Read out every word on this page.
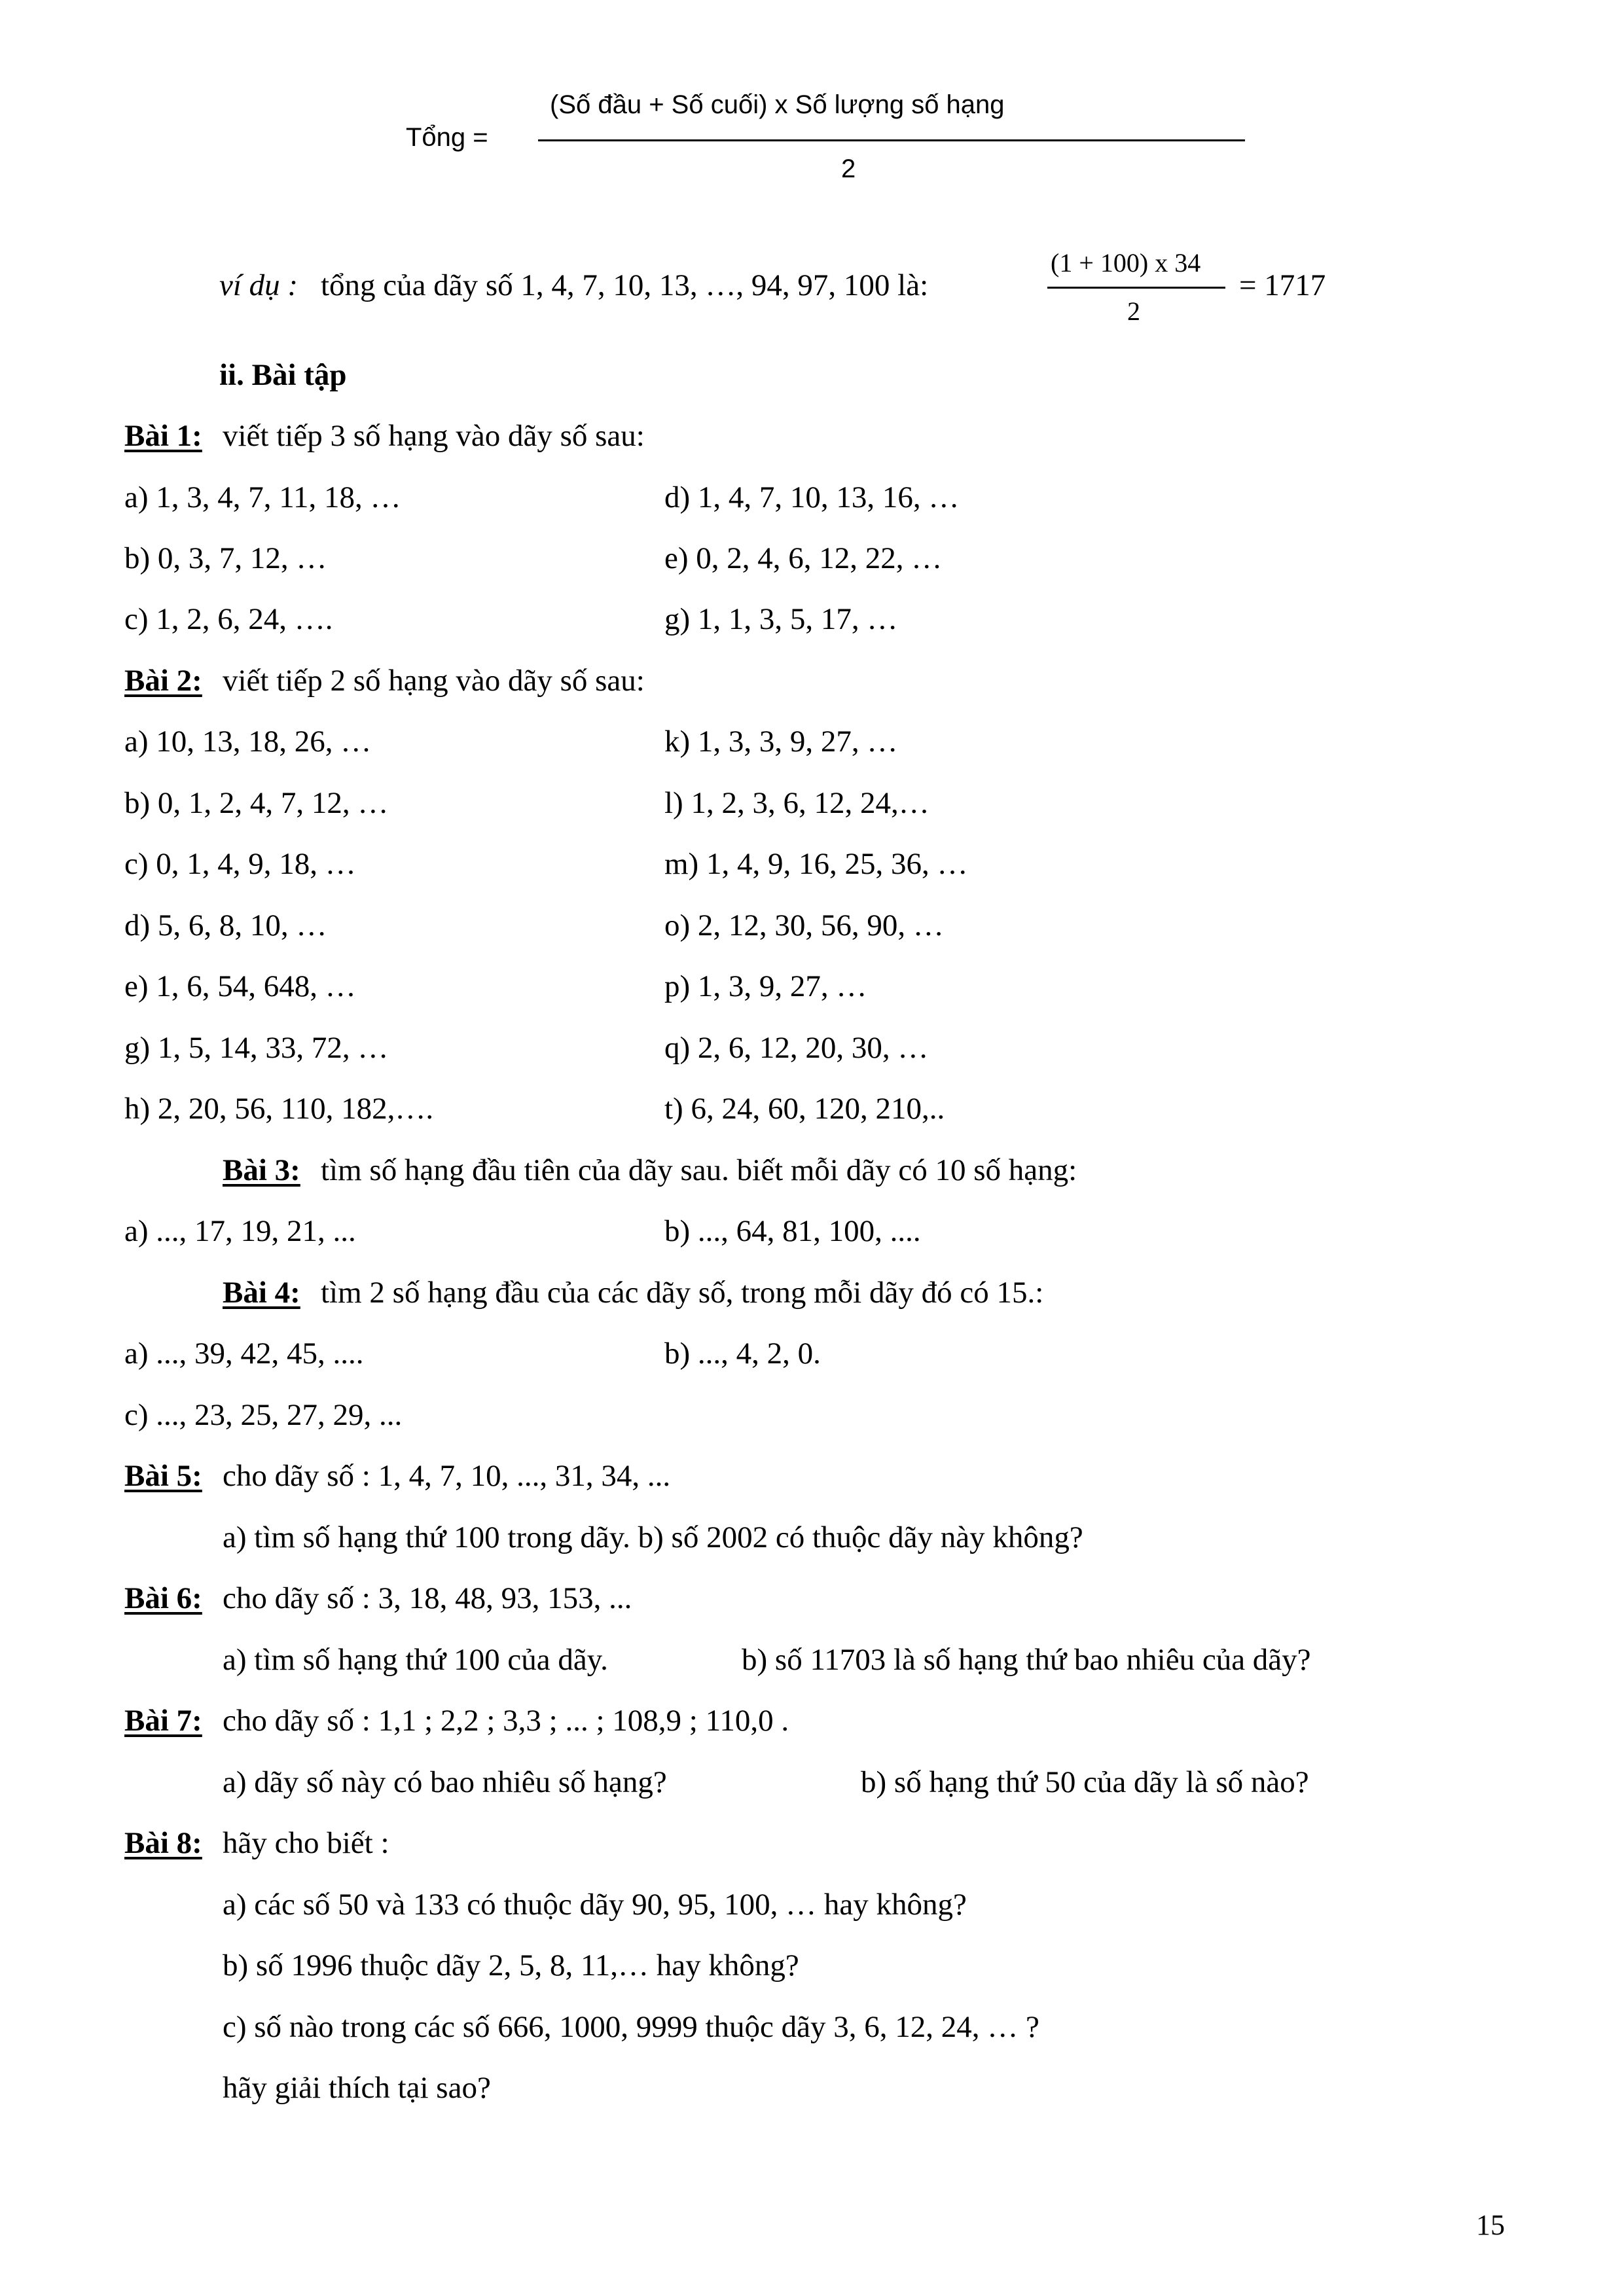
Tổng =
(Số đầu + Số cuối) x Số lượng số hạng
2
ví dụ : tổng của dãy số 1, 4, 7, 10, 13, …, 94, 97, 100 là:
(1 + 100) x 34
2
= 1717
ii. Bài tập
Bài 1: viết tiếp 3 số hạng vào dãy số sau:
a) 1, 3, 4, 7, 11, 18, …	d) 1, 4, 7, 10, 13, 16, …
b) 0, 3, 7, 12, …	e) 0, 2, 4, 6, 12, 22, …
c) 1, 2, 6, 24, ….	g) 1, 1, 3, 5, 17, …
Bài 2: viết tiếp 2 số hạng vào dãy số sau:
a) 10, 13, 18, 26, …	k) 1, 3, 3, 9, 27, …
b) 0, 1, 2, 4, 7, 12, …	l) 1, 2, 3, 6, 12, 24,…
c) 0, 1, 4, 9, 18, …	m) 1, 4, 9, 16, 25, 36, …
d) 5, 6, 8, 10, …	o) 2, 12, 30, 56, 90, …
e) 1, 6, 54, 648, …	p) 1, 3, 9, 27, …
g) 1, 5, 14, 33, 72, …	q) 2, 6, 12, 20, 30, …
h) 2, 20, 56, 110, 182,….	t) 6, 24, 60, 120, 210,..
Bài 3: tìm số hạng đầu tiên của dãy sau. biết mỗi dãy có 10 số hạng:
a) ..., 17, 19, 21, ...	b) ..., 64, 81, 100, ....
Bài 4: tìm 2 số hạng đầu của các dãy số, trong mỗi dãy đó có 15.:
a) ..., 39, 42, 45, ....	b) ..., 4, 2, 0.
c) ..., 23, 25, 27, 29, ...
Bài 5: cho dãy số : 1, 4, 7, 10, ..., 31, 34, ...
a) tìm số hạng thứ 100 trong dãy. b) số 2002 có thuộc dãy này không?
Bài 6: cho dãy số : 3, 18, 48, 93, 153, ...
a) tìm số hạng thứ 100 của dãy.	b) số 11703 là số hạng thứ bao nhiêu của dãy?
Bài 7: cho dãy số : 1,1 ; 2,2 ; 3,3 ; ... ; 108,9 ; 110,0 .
a) dãy số này có bao nhiêu số hạng?	b) số hạng thứ 50 của dãy là số nào?
Bài 8: hãy cho biết :
a) các số 50 và 133 có thuộc dãy 90, 95, 100, … hay không?
b) số 1996 thuộc dãy 2, 5, 8, 11,… hay không?
c) số nào trong các số 666, 1000, 9999 thuộc dãy 3, 6, 12, 24, … ?
hãy giải thích tại sao?
15
